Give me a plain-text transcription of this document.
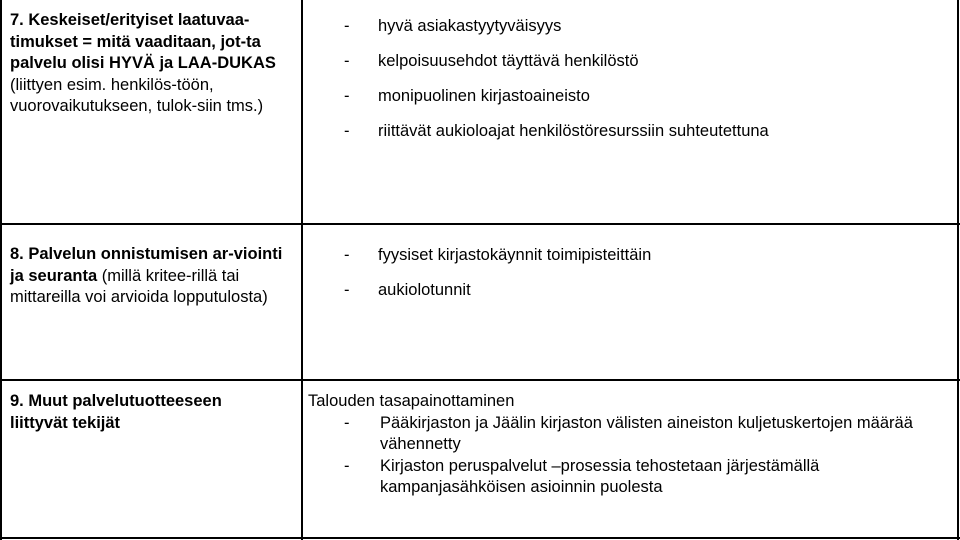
7. Keskeiset/erityiset laatuvaa-timukset = mitä vaaditaan, jot-ta palvelu olisi HYVÄ ja LAA-DUKAS (liittyen esim. henkilös-töön, vuorovaikutukseen, tulok-siin tms.)
-	hyvä asiakastyytyväisyys
-	kelpoisuusehdot täyttävä henkilöstö
-	monipuolinen kirjastoaineisto
-	riittävät aukioloajat henkilöstöresurssiin suhteutettuna
8. Palvelun onnistumisen ar-viointi ja seuranta (millä kritee-rillä tai mittareilla voi arvioida lopputulosta)
-	fyysiset kirjastokäynnit toimipisteittäin
-	aukiolotunnit
9. Muut palvelutuotteeseen liittyvät tekijät
Talouden tasapainottaminen
-	Pääkirjaston ja Jäälin kirjaston välisten aineiston kuljetuskertojen määrää vähennetty
-	Kirjaston peruspalvelut –prosessia tehostetaan järjestämällä kampanjasähköisen asioinnin puolesta
